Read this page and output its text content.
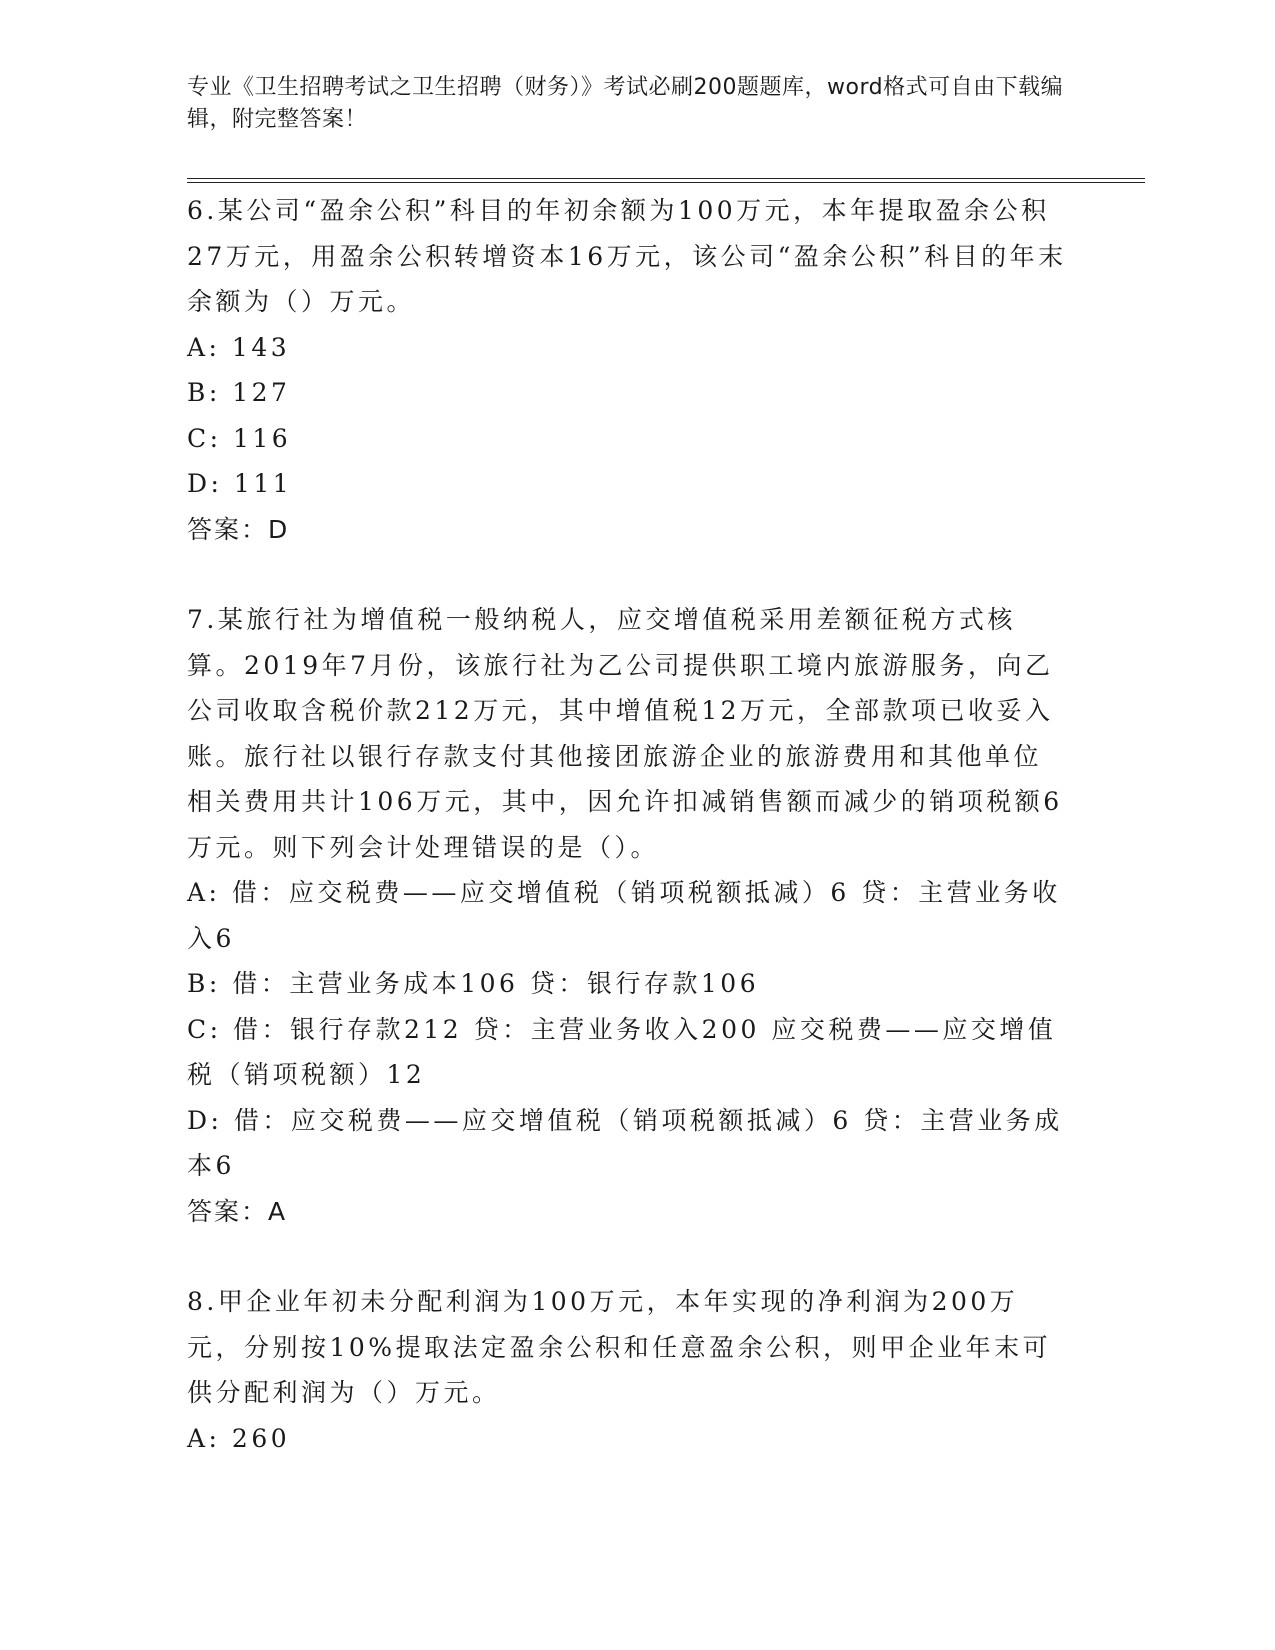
专业《卫生招聘考试之卫生招聘（财务）》考试必刷200题题库，word格式可自由下载编辑，附完整答案！
6.某公司“盈余公积”科目的年初余额为100万元，本年提取盈余公积27万元，用盈余公积转增资本16万元，该公司“盈余公积”科目的年末余额为（）万元。
A: 143
B: 127
C: 116
D: 111
答案：D
7.某旅行社为增值税一般纳税人，应交增值税采用差额征税方式核算。2019年7月份，该旅行社为乙公司提供职工境内旅游服务，向乙公司收取含税价款212万元，其中增值税12万元，全部款项已收妥入账。旅行社以银行存款支付其他接团旅游企业的旅游费用和其他单位相关费用共计106万元，其中，因允许扣减销售额而减少的销项税额6万元。则下列会计处理错误的是（）。
A: 借：应交税费——应交增值税（销项税额抵减）6 贷：主营业务收入6
B: 借：主营业务成本106 贷：银行存款106
C: 借：银行存款212 贷：主营业务收入200 应交税费——应交增值税（销项税额）12
D: 借：应交税费——应交增值税（销项税额抵减）6 贷：主营业务成本6
答案：A
8.甲企业年初未分配利润为100万元，本年实现的净利润为200万元，分别按10%提取法定盈余公积和任意盈余公积，则甲企业年末可供分配利润为（）万元。
A: 260
